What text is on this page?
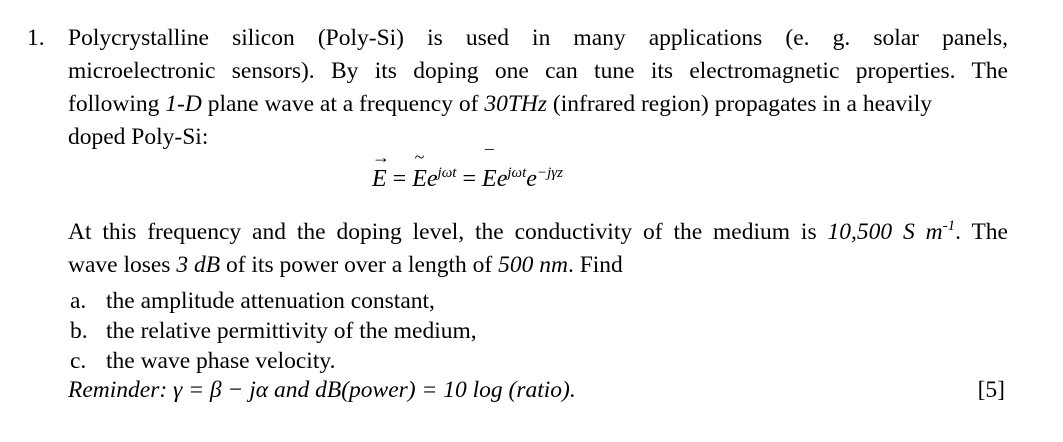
1. Polycrystalline silicon (Poly-Si) is used in many applications (e. g. solar panels,
microelectronic sensors). By its doping one can tune its electromagnetic properties. The
following 1-D plane wave at a frequency of 30THz (infrared region) propagates in a heavily
doped Poly-Si:
→
E =
~
$Ee^{j\omega t}$ =
¯
$Ee^{j\omega t}e^{-j\gamma z}$
At this frequency and the doping level, the conductivity of the medium is 10,500 S $m^{-1}$. The
wave loses 3 dB of its power over a length of 500 nm. Find
a. the amplitude attenuation constant,
b. the relative permittivity of the medium,
c. the wave phase velocity.
Reminder: γ = β − jα and dB(power) = 10 log (ratio).	[5]
